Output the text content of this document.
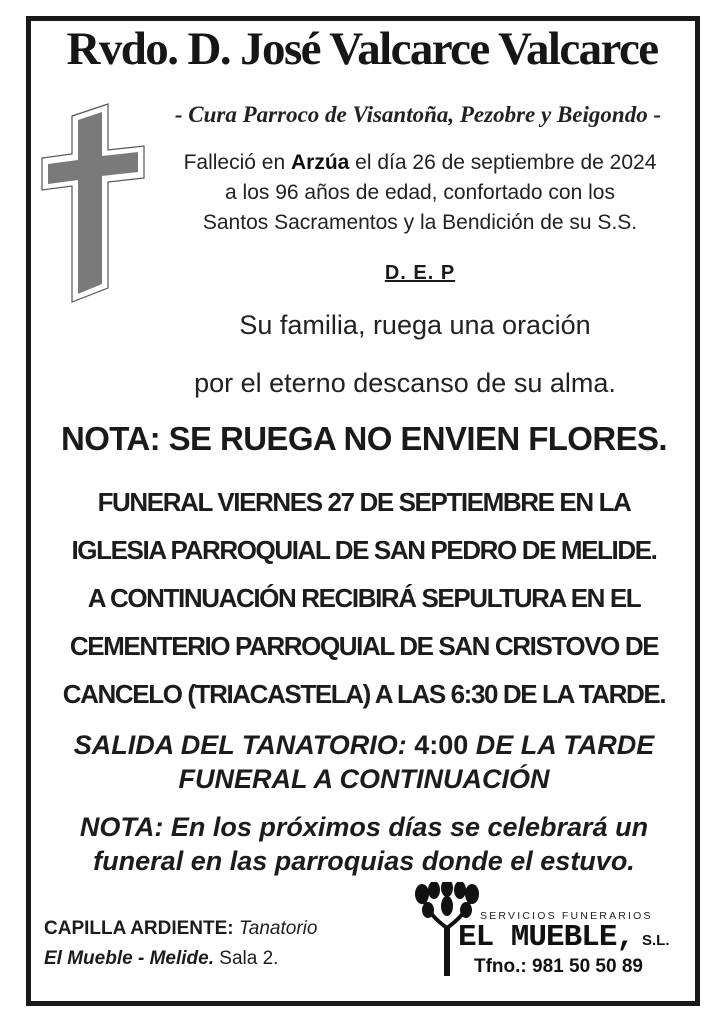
Rvdo. D. José Valcarce Valcarce
- Cura Parroco de Visantoña, Pezobre y Beigondo -
Falleció en Arzúa el día 26 de septiembre de 2024
a los 96 años de edad, confortado con los
Santos Sacramentos y la Bendición de su S.S.
D. E. P
Su familia, ruega una oración
por el eterno descanso de su alma.
NOTA: SE RUEGA NO ENVIEN FLORES.
FUNERAL VIERNES 27 DE SEPTIEMBRE EN LA
IGLESIA PARROQUIAL DE SAN PEDRO DE MELIDE.
A CONTINUACIÓN RECIBIRÁ SEPULTURA EN EL
CEMENTERIO PARROQUIAL DE SAN CRISTOVO DE
CANCELO (TRIACASTELA) A LAS 6:30 DE LA TARDE.
SALIDA DEL TANATORIO: 4:00 DE LA TARDE
FUNERAL A CONTINUACIÓN
NOTA: En los próximos días se celebrará un
funeral en las parroquias donde el estuvo.
CAPILLA ARDIENTE: Tanatorio
El Mueble - Melide. Sala 2.
SERVICIOS FUNERARIOS
EL MUEBLE, S.L.
Tfno.: 981 50 50 89
